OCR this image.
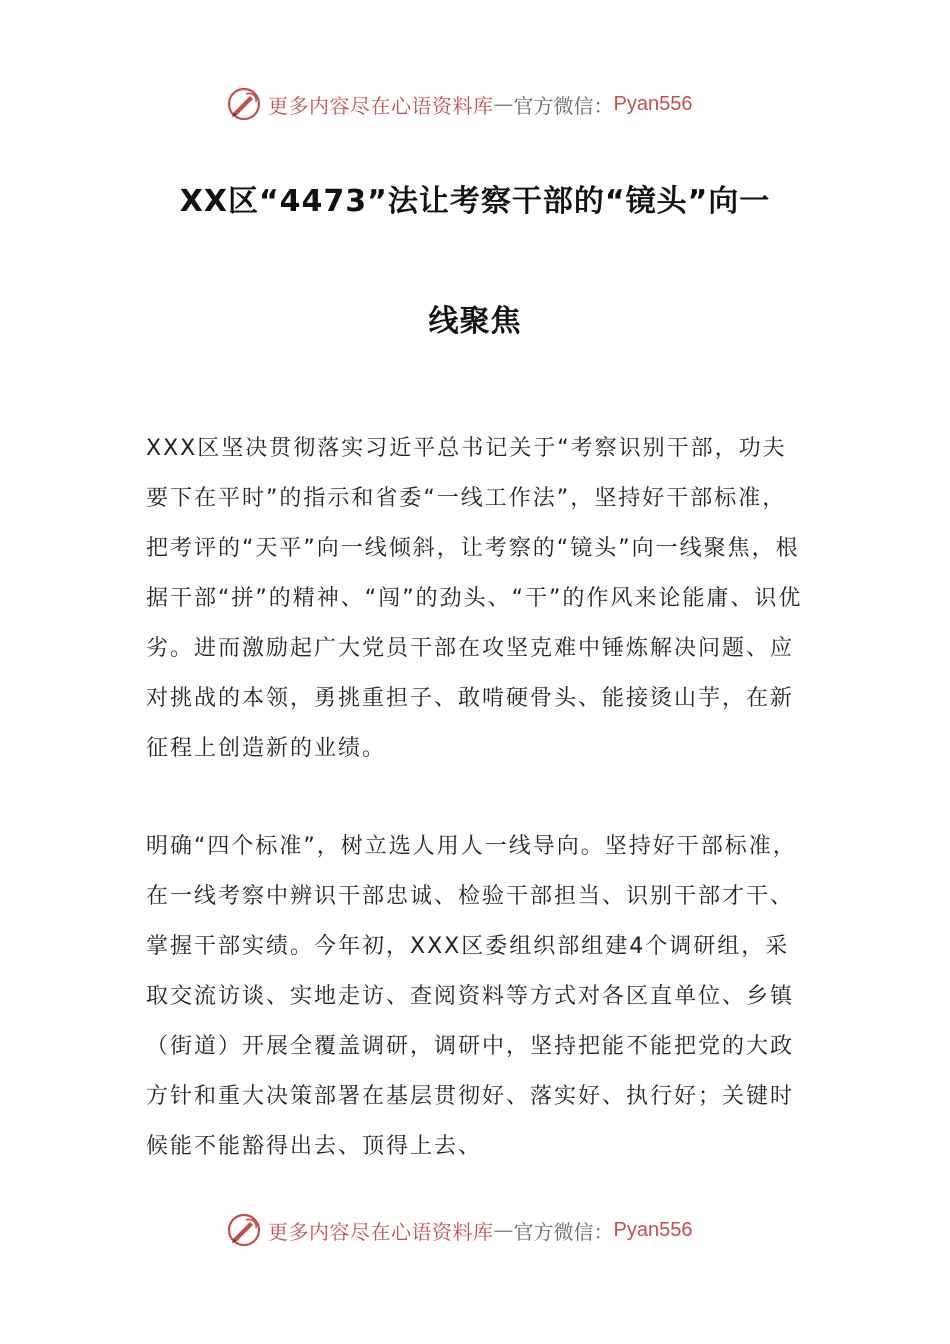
更多内容尽在心语资料库 — 官方微信： Pyan556
XX区“4473”法让考察干部的“镜头”向一
线聚焦

XXX区坚决贯彻落实习近平总书记关于“考察识别干部，功夫要下在平时”的指示和省委“一线工作法”，坚持好干部标准，把考评的“天平”向一线倾斜，让考察的“镜头”向一线聚焦，根据干部“拼”的精神、“闯”的劲头、“干”的作风来论能庸、识优劣。进而激励起广大党员干部在攻坚克难中锤炼解决问题、应对挑战的本领，勇挑重担子、敢啃硬骨头、能接烫山芋，在新征程上创造新的业绩。

明确“四个标准”，树立选人用人一线导向。坚持好干部标准，在一线考察中辨识干部忠诚、检验干部担当、识别干部才干、掌握干部实绩。今年初，XXX区委组织部组建4个调研组，采取交流访谈、实地走访、查阅资料等方式对各区直单位、乡镇（街道）开展全覆盖调研，调研中，坚持把能不能把党的大政方针和重大决策部署在基层贯彻好、落实好、执行好；关键时候能不能豁得出去、顶得上去、

更多内容尽在心语资料库 — 官方微信： Pyan556
